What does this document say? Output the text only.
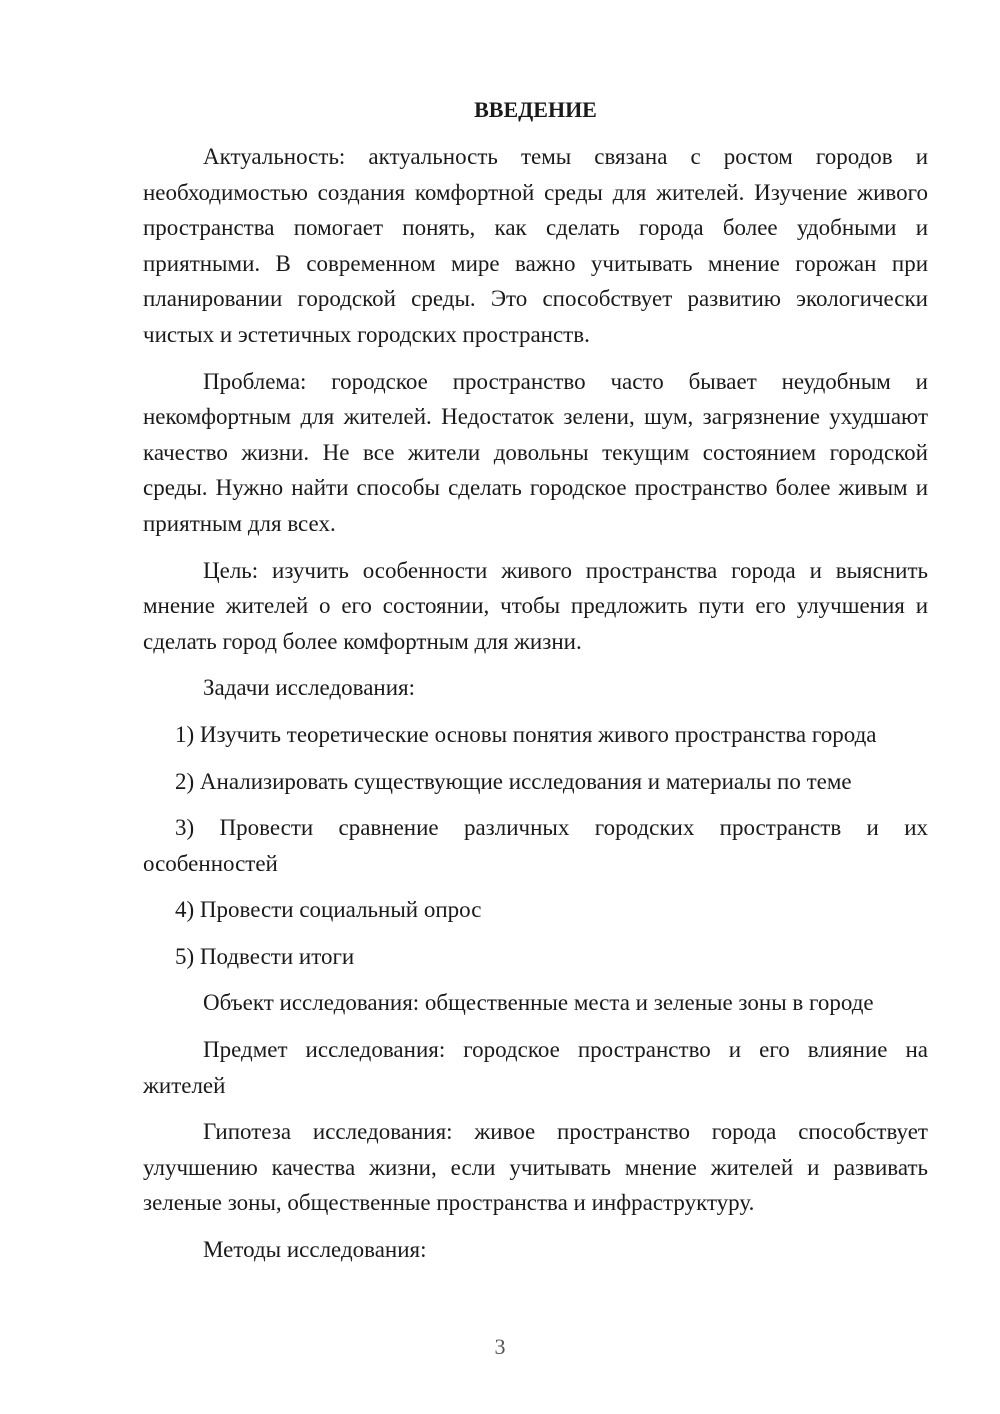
ВВЕДЕНИЕ

Актуальность: актуальность темы связана с ростом городов и необходимостью создания комфортной среды для жителей. Изучение живого пространства помогает понять, как сделать города более удобными и приятными. В современном мире важно учитывать мнение горожан при планировании городской среды. Это способствует развитию экологически чистых и эстетичных городских пространств.

Проблема: городское пространство часто бывает неудобным и некомфортным для жителей. Недостаток зелени, шум, загрязнение ухудшают качество жизни. Не все жители довольны текущим состоянием городской среды. Нужно найти способы сделать городское пространство более живым и приятным для всех.

Цель: изучить особенности живого пространства города и выяснить мнение жителей о его состоянии, чтобы предложить пути его улучшения и сделать город более комфортным для жизни.

Задачи исследования:

1) Изучить теоретические основы понятия живого пространства города

2) Анализировать существующие исследования и материалы по теме

3) Провести сравнение различных городских пространств и их особенностей

4) Провести социальный опрос

5) Подвести итоги

Объект исследования: общественные места и зеленые зоны в городе

Предмет исследования: городское пространство и его влияние на жителей

Гипотеза исследования: живое пространство города способствует улучшению качества жизни, если учитывать мнение жителей и развивать зеленые зоны, общественные пространства и инфраструктуру.

Методы исследования:

3
